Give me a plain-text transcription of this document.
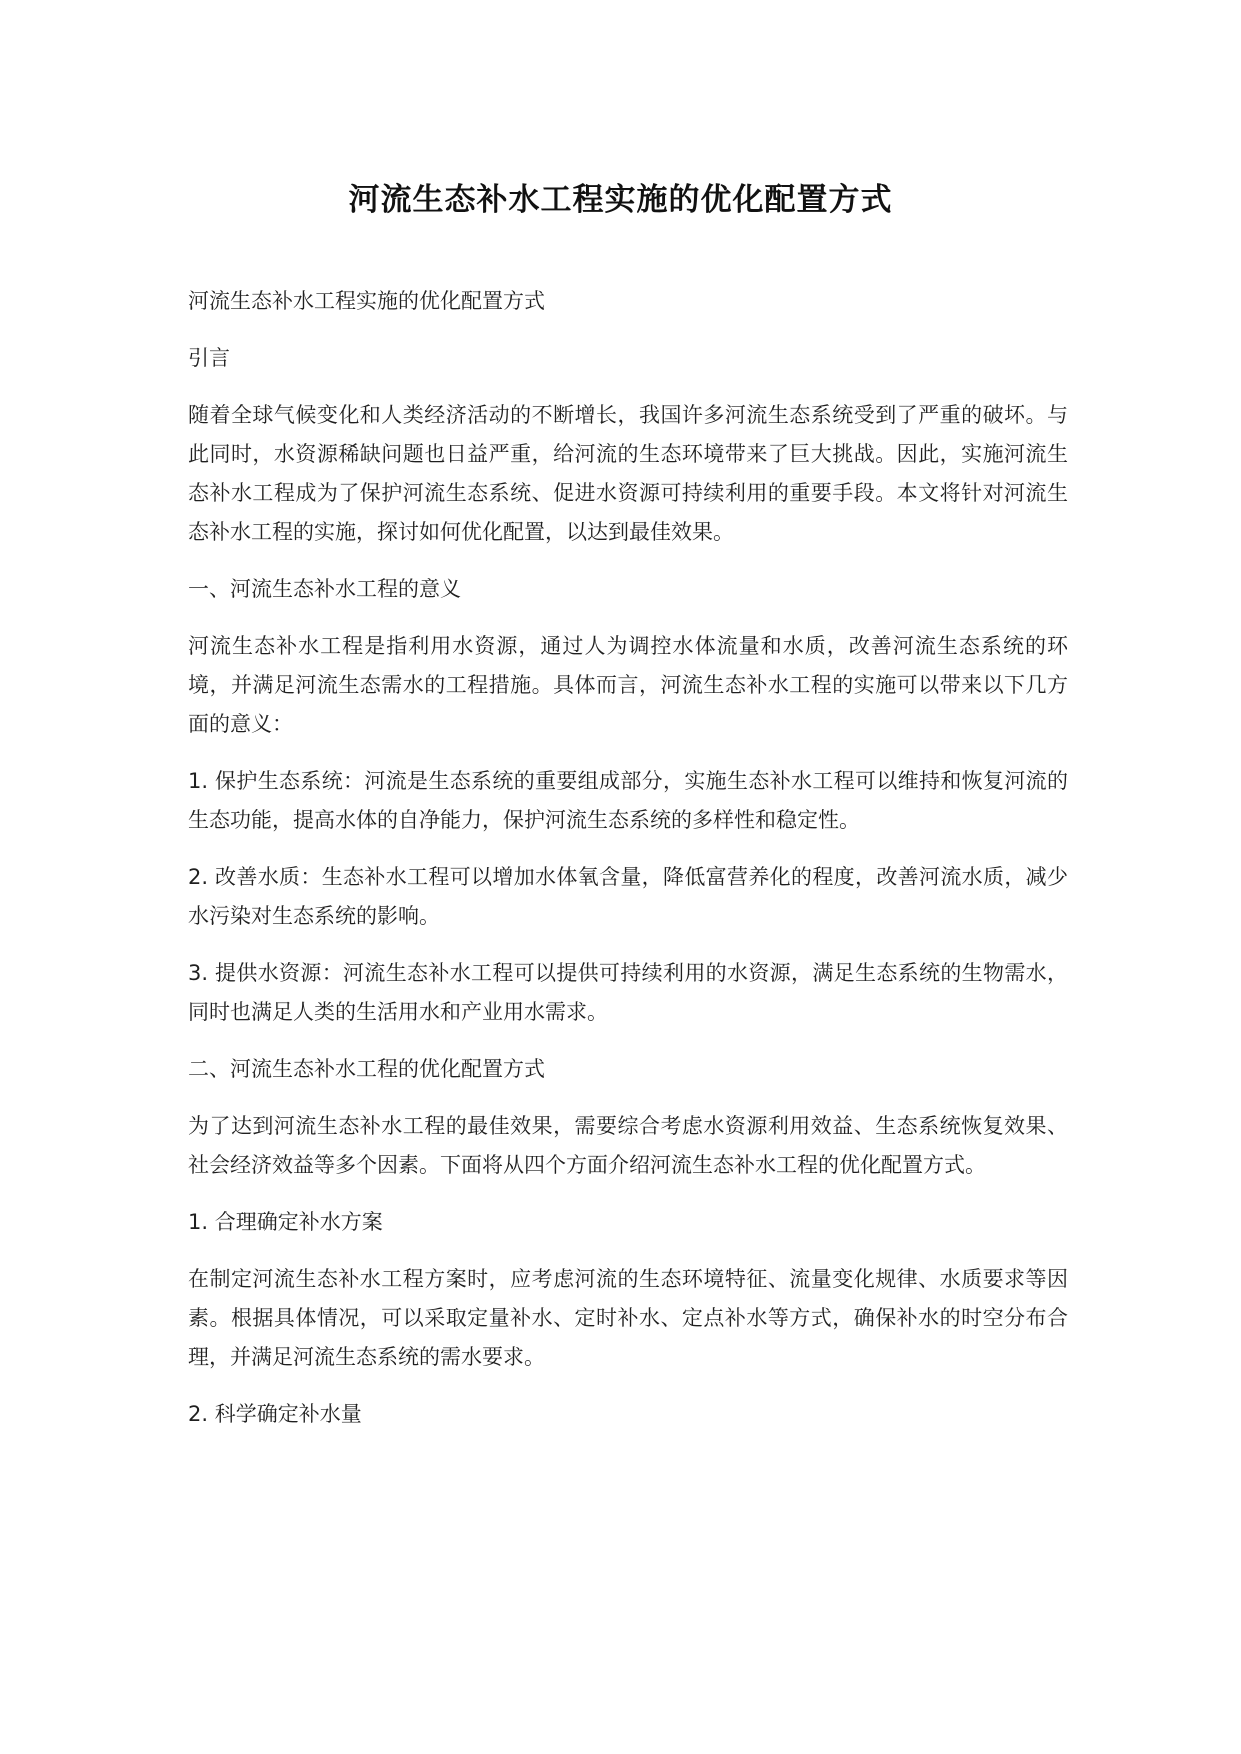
河流生态补水工程实施的优化配置方式

河流生态补水工程实施的优化配置方式

引言

随着全球气候变化和人类经济活动的不断增长，我国许多河流生态系统受到了严重的破坏。与此同时，水资源稀缺问题也日益严重，给河流的生态环境带来了巨大挑战。因此，实施河流生态补水工程成为了保护河流生态系统、促进水资源可持续利用的重要手段。本文将针对河流生态补水工程的实施，探讨如何优化配置，以达到最佳效果。

一、河流生态补水工程的意义

河流生态补水工程是指利用水资源，通过人为调控水体流量和水质，改善河流生态系统的环境，并满足河流生态需水的工程措施。具体而言，河流生态补水工程的实施可以带来以下几方面的意义：

1. 保护生态系统：河流是生态系统的重要组成部分，实施生态补水工程可以维持和恢复河流的生态功能，提高水体的自净能力，保护河流生态系统的多样性和稳定性。

2. 改善水质：生态补水工程可以增加水体氧含量，降低富营养化的程度，改善河流水质，减少水污染对生态系统的影响。

3. 提供水资源：河流生态补水工程可以提供可持续利用的水资源，满足生态系统的生物需水，同时也满足人类的生活用水和产业用水需求。

二、河流生态补水工程的优化配置方式

为了达到河流生态补水工程的最佳效果，需要综合考虑水资源利用效益、生态系统恢复效果、社会经济效益等多个因素。下面将从四个方面介绍河流生态补水工程的优化配置方式。

1. 合理确定补水方案

在制定河流生态补水工程方案时，应考虑河流的生态环境特征、流量变化规律、水质要求等因素。根据具体情况，可以采取定量补水、定时补水、定点补水等方式，确保补水的时空分布合理，并满足河流生态系统的需水要求。

2. 科学确定补水量
